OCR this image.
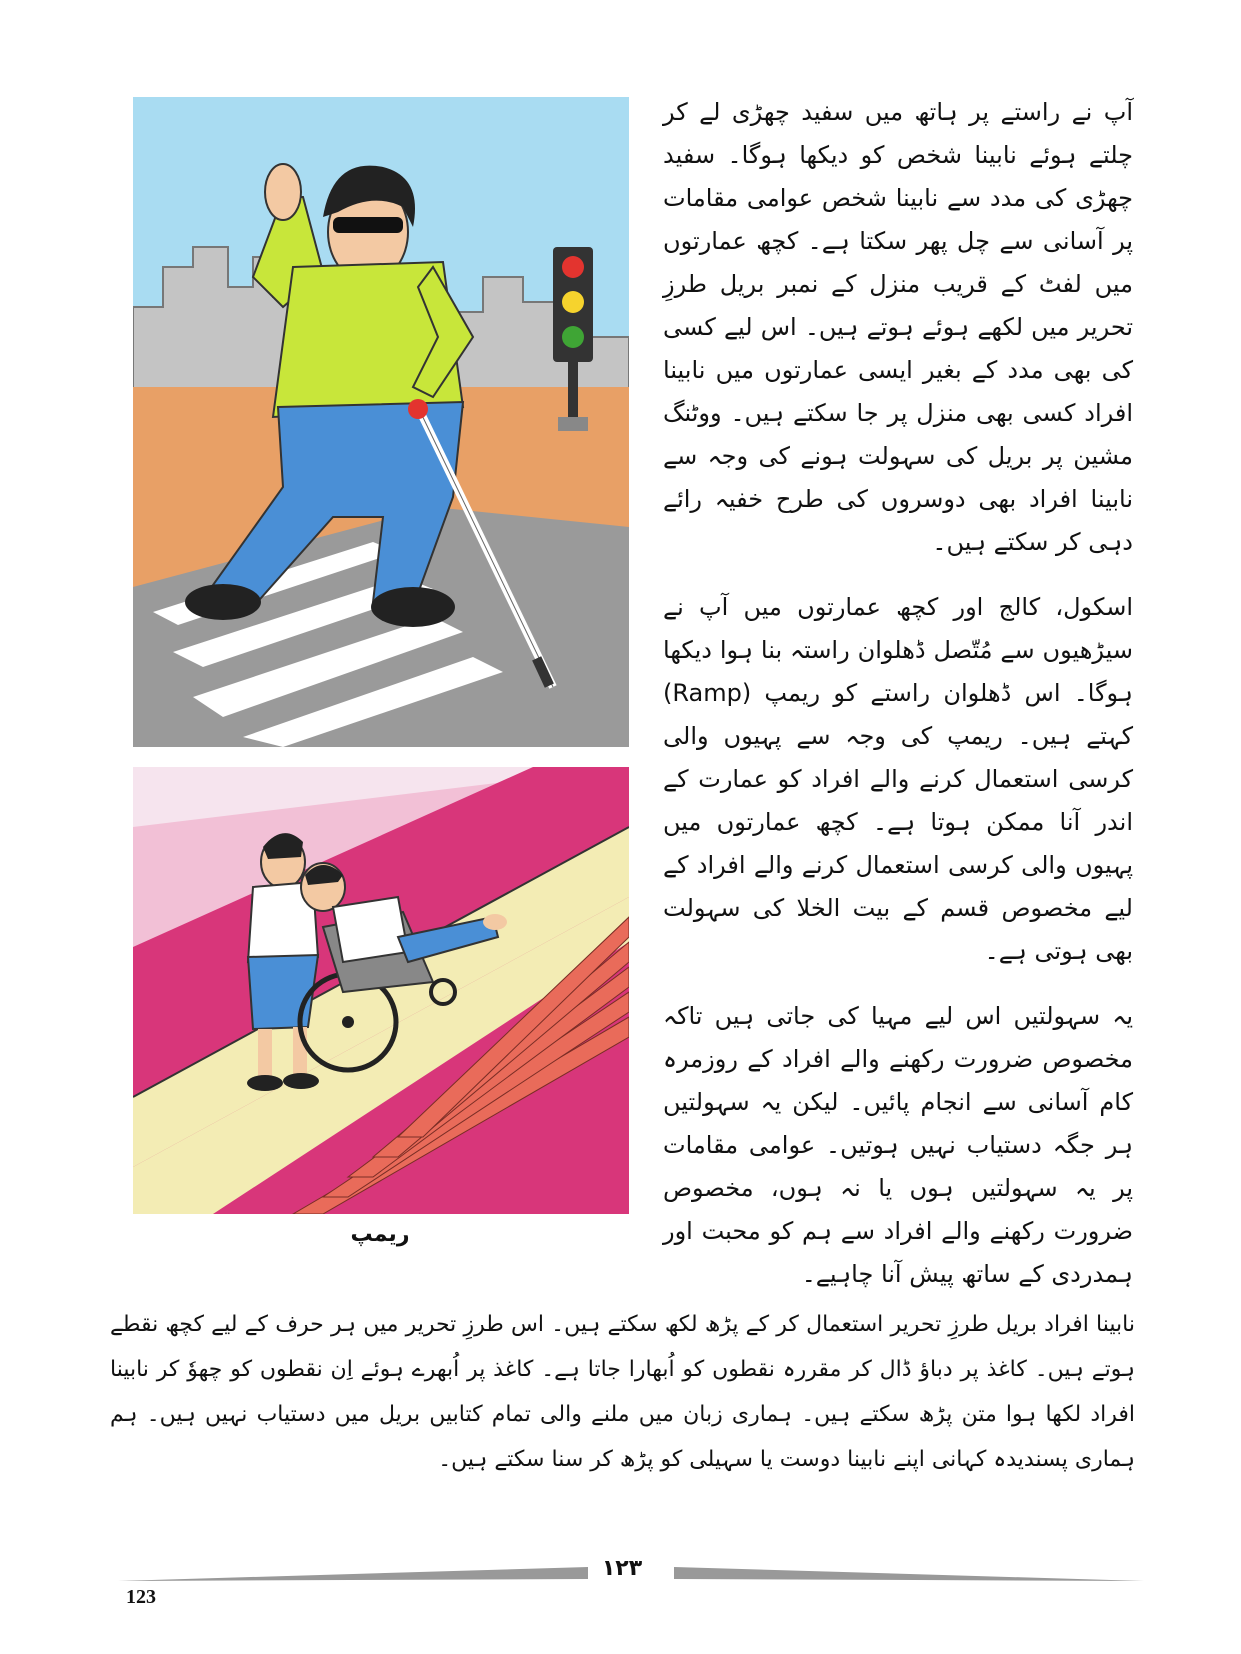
آپ نے راستے پر ہاتھ میں سفید چھڑی لے کر چلتے ہوئے نابینا شخص کو دیکھا ہوگا۔ سفید چھڑی کی مدد سے نابینا شخص عوامی مقامات پر آسانی سے چل پھر سکتا ہے۔ کچھ عمارتوں میں لفٹ کے قریب منزل کے نمبر بریل طرزِ تحریر میں لکھے ہوئے ہوتے ہیں۔ اس لیے کسی کی بھی مدد کے بغیر ایسی عمارتوں میں نابینا افراد کسی بھی منزل پر جا سکتے ہیں۔ ووٹنگ مشین پر بریل کی سہولت ہونے کی وجہ سے نابینا افراد بھی دوسروں کی طرح خفیہ رائے دہی کر سکتے ہیں۔

اسکول، کالج اور کچھ عمارتوں میں آپ نے سیڑھیوں سے مُتّصل ڈھلوان راستہ بنا ہوا دیکھا ہوگا۔ اس ڈھلوان راستے کو ریمپ (Ramp) کہتے ہیں۔ ریمپ کی وجہ سے پہیوں والی کرسی استعمال کرنے والے افراد کو عمارت کے اندر آنا ممکن ہوتا ہے۔ کچھ عمارتوں میں پہیوں والی کرسی استعمال کرنے والے افراد کے لیے مخصوص قسم کے بیت الخلا کی سہولت بھی ہوتی ہے۔

یہ سہولتیں اس لیے مہیا کی جاتی ہیں تاکہ مخصوص ضرورت رکھنے والے افراد کے روزمرہ کام آسانی سے انجام پائیں۔ لیکن یہ سہولتیں ہر جگہ دستیاب نہیں ہوتیں۔ عوامی مقامات پر یہ سہولتیں ہوں یا نہ ہوں، مخصوص ضرورت رکھنے والے افراد سے ہم کو محبت اور ہمدردی کے ساتھ پیش آنا چاہیے۔

ریمپ

نابینا افراد بریل طرزِ تحریر استعمال کر کے پڑھ لکھ سکتے ہیں۔ اس طرزِ تحریر میں ہر حرف کے لیے کچھ نقطے ہوتے ہیں۔ کاغذ پر دباؤ ڈال کر مقررہ نقطوں کو اُبھارا جاتا ہے۔ کاغذ پر اُبھرے ہوئے اِن نقطوں کو چھوٗ کر نابینا افراد لکھا ہوا متن پڑھ سکتے ہیں۔ ہماری زبان میں ملنے والی تمام کتابیں بریل میں دستیاب نہیں ہیں۔ ہم ہماری پسندیدہ کہانی اپنے نابینا دوست یا سہیلی کو پڑھ کر سنا سکتے ہیں۔

۱۲۳
123
